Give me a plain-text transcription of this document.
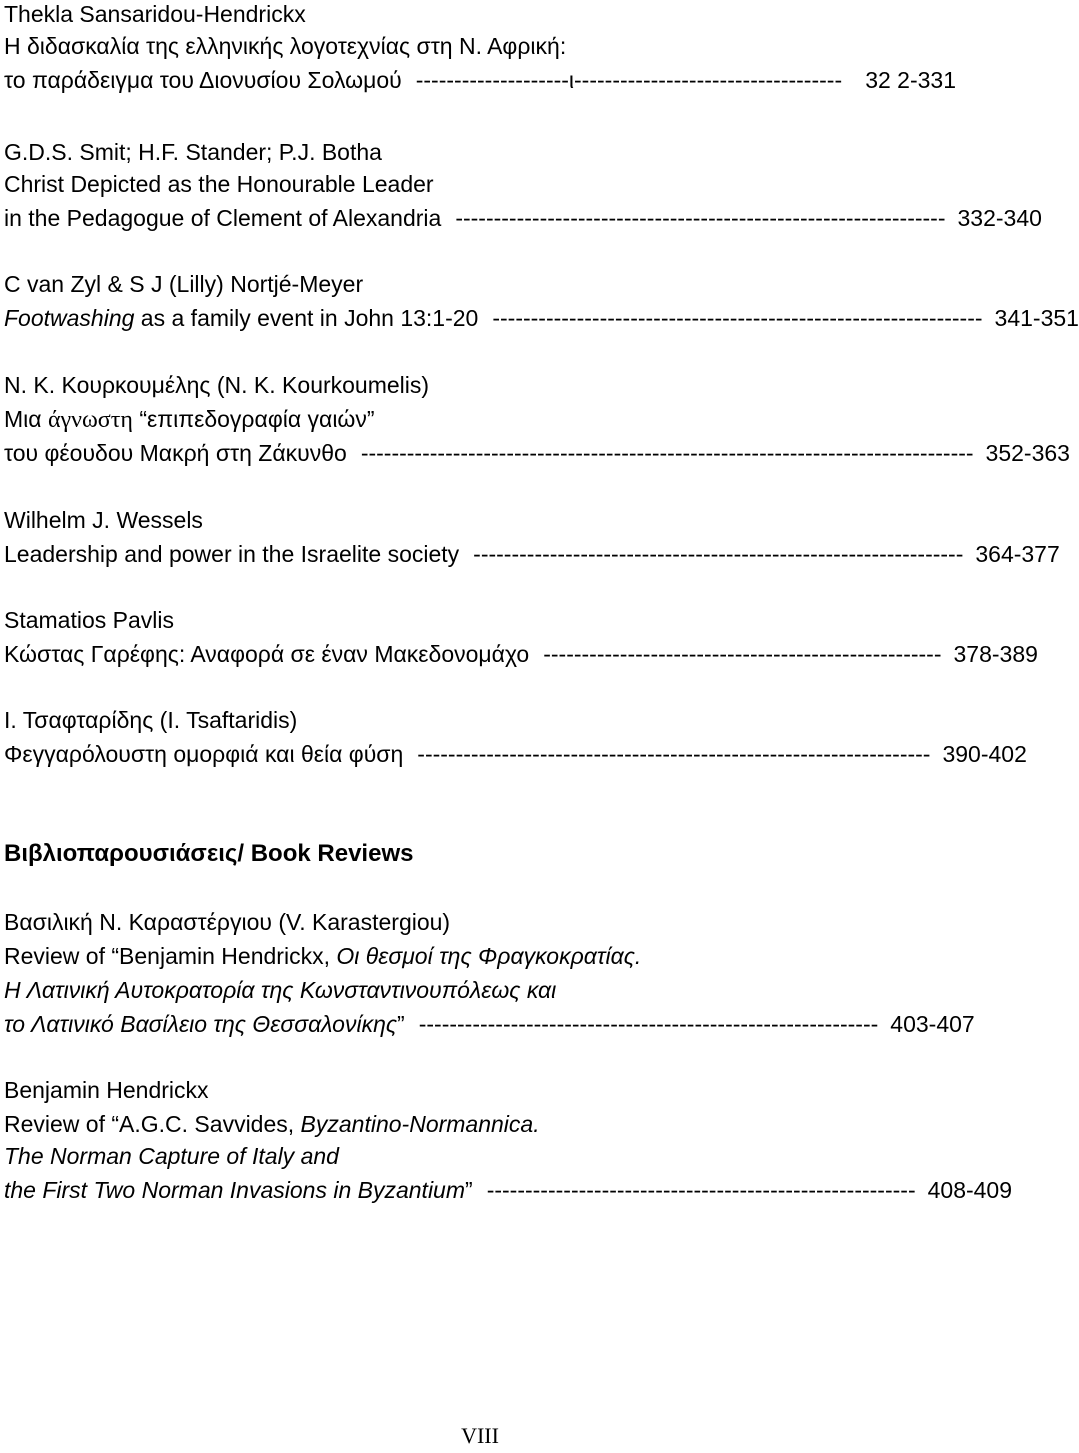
Thekla Sansaridou-Hendrickx
Η διδασκαλία της ελληνικής λογοτεχνίας στη Ν. Αφρική:
το παράδειγμα του Διονυσίου Σολωμού --------------------ι-----------------------------------	32 2-331
G.D.S. Smit; H.F. Stander; P.J. Botha
Christ Depicted as the Honourable Leader
in the Pedagogue of Clement of Alexandria ---------------------------------------------------------------- 332-340
C van Zyl & S J (Lilly) Nortjé-Meyer
Footwashing as a family event in John 13:1-20 ---------------------------------------------------------------- 341-351
Ν. Κ. Κουρκουμέλης (N. K. Kourkoumelis)
Μια άγνωστη “επιπεδογραφία γαιών”
του φέουδου Μακρή στη Ζάκυνθο -------------------------------------------------------------------------------- 352-363
Wilhelm J. Wessels
Leadership and power in the Israelite society ---------------------------------------------------------------- 364-377
Stamatios Pavlis
Κώστας Γαρέφης: Αναφορά σε έναν Μακεδονομάχο ---------------------------------------------------- 378-389
Ι. Τσαφταρίδης (I. Tsaftaridis)
Φεγγαρόλουστη ομορφιά και θεία φύση ------------------------------------------------------------------- 390-402
Βιβλιοπαρουσιάσεις/ Book Reviews
Βασιλική Ν. Καραστέργιου (V. Karastergiou)
Review of “Benjamin Hendrickx, Οι θεσμοί της Φραγκοκρατίας.
Η Λατινική Αυτοκρατορία της Κωνσταντινουπόλεως και
το Λατινικό Βασίλειο της Θεσσαλονίκης” ------------------------------------------------------------ 403-407
Benjamin Hendrickx
Review of “A.G.C. Savvides, Byzantino-Normannica.
The Norman Capture of Italy and
the First Two Norman Invasions in Byzantium” -------------------------------------------------------- 408-409
VIII
